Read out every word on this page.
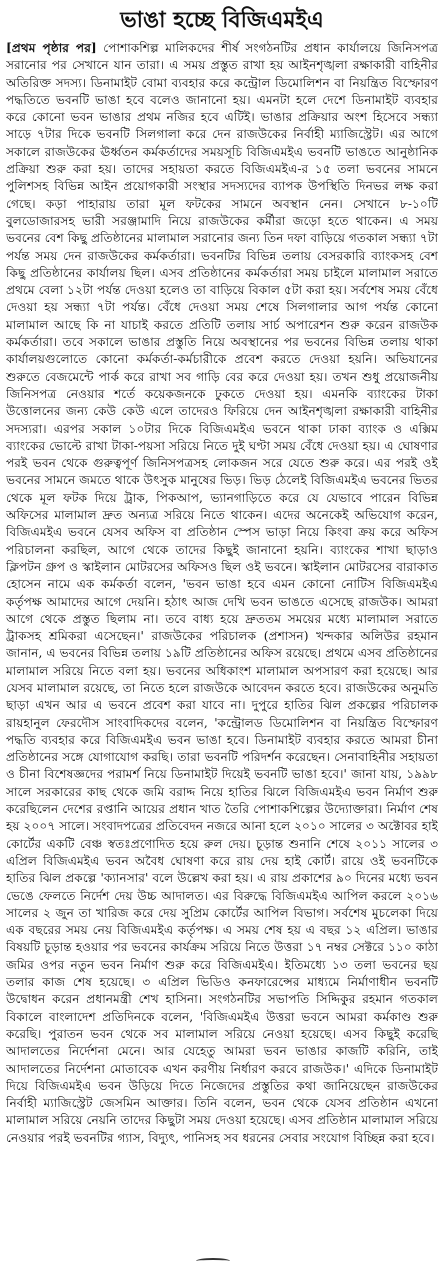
ভাঙা হচ্ছে বিজিএমইএ

[প্রথম পৃষ্ঠার পর] পোশাকশিল্প মালিকদের শীর্ষ সংগঠনটির প্রধান কার্যালয়ে জিনিসপত্র সরানোর পর সেখানে যান তারা। এ সময় প্রস্তুত রাখা হয় আইনশৃঙ্খলা রক্ষাকারী বাহিনীর অতিরিক্ত সদস্য। ডিনামাইট বোমা ব্যবহার করে কন্ট্রোল ডিমোলিশন বা নিয়ন্ত্রিত বিস্ফোরণ পদ্ধতিতে ভবনটি ভাঙা হবে বলেও জানানো হয়। এমনটা হলে দেশে ডিনামাইট ব্যবহার করে কোনো ভবন ভাঙার প্রথম নজির হবে এটিই। ভাঙার প্রক্রিয়ার অংশ হিসেবে সন্ধ্যা সাড়ে ৭টার দিকে ভবনটি সিলগালা করে দেন রাজউকের নির্বাহী ম্যাজিস্ট্রেট। এর আগে সকালে রাজউকের ঊর্ধ্বতন কর্মকর্তাদের সময়সূচি বিজিএমইএ ভবনটি ভাঙতে আনুষ্ঠানিক প্রক্রিয়া শুরু করা হয়। তাদের সহায়তা করতে বিজিএমইএ-র ১৫ তলা ভবনের সামনে পুলিশসহ বিভিন্ন আইন প্রয়োগকারী সংস্থার সদস্যদের ব্যাপক উপস্থিতি দিনভর লক্ষ করা গেছে। কড়া পাহারায় তারা মূল ফটকের সামনে অবস্থান নেন। সেখানে ৮-১০টি বুলডোজারসহ ভারী সরঞ্জামাদি নিয়ে রাজউকের কর্মীরা জড়ো হতে থাকেন। এ সময় ভবনের বেশ কিছু প্রতিষ্ঠানের মালামাল সরানোর জন্য তিন দফা বাড়িয়ে গতকাল সন্ধ্যা ৭টা পর্যন্ত সময় দেন রাজউকের কর্মকর্তারা। ভবনটির বিভিন্ন তলায় বেসরকারি ব্যাংকসহ বেশ কিছু প্রতিষ্ঠানের কার্যালয় ছিল। এসব প্রতিষ্ঠানের কর্মকর্তারা সময় চাইলে মালামাল সরাতে প্রথমে বেলা ১২টা পর্যন্ত দেওয়া হলেও তা বাড়িয়ে বিকাল ৫টা করা হয়। সর্বশেষ সময় বেঁধে দেওয়া হয় সন্ধ্যা ৭টা পর্যন্ত। বেঁধে দেওয়া সময় শেষে সিলগালার আগ পর্যন্ত কোনো মালামাল আছে কি না যাচাই করতে প্রতিটি তলায় সার্চ অপারেশন শুরু করেন রাজউক কর্মকর্তারা। তবে সকালে ভাঙার প্রস্তুতি নিয়ে অবস্থানের পর ভবনের বিভিন্ন তলায় থাকা কার্যালয়গুলোতে কোনো কর্মকর্তা-কর্মচারীকে প্রবেশ করতে দেওয়া হয়নি। অভিযানের শুরুতে বেজমেন্টে পার্ক করে রাখা সব গাড়ি বের করে দেওয়া হয়। তখন শুধু প্রয়োজনীয় জিনিসপত্র নেওয়ার শর্তে কয়েকজনকে ঢুকতে দেওয়া হয়। এমনকি ব্যাংকের টাকা উত্তোলনের জন্য কেউ কেউ এলে তাদেরও ফিরিয়ে দেন আইনশৃঙ্খলা রক্ষাকারী বাহিনীর সদস্যরা। এরপর সকাল ১০টার দিকে বিজিএমইএ ভবনে থাকা ঢাকা ব্যাংক ও এক্সিম ব্যাংকের ভোল্টে রাখা টাকা-পয়সা সরিয়ে নিতে দুই ঘণ্টা সময় বেঁধে দেওয়া হয়। এ ঘোষণার পরই ভবন থেকে গুরুত্বপূর্ণ জিনিসপত্রসহ লোকজন সরে যেতে শুরু করে। এর পরই ওই ভবনের সামনে জমতে থাকে উৎসুক মানুষের ভিড়। ভিড় ঠেলেই বিজিএমইএ ভবনের ভিতর থেকে মূল ফটক দিয়ে ট্রাক, পিকআপ, ভ্যানগাড়িতে করে যে যেভাবে পারেন বিভিন্ন অফিসের মালামাল দ্রুত অন্যত্র সরিয়ে নিতে থাকেন। এদের অনেকেই অভিযোগ করেন, বিজিএমইএ ভবনে যেসব অফিস বা প্রতিষ্ঠান স্পেস ভাড়া নিয়ে কিংবা ক্রয় করে অফিস পরিচালনা করছিল, আগে থেকে তাদের কিছুই জানানো হয়নি। ব্যাংকের শাখা ছাড়াও ক্লিপটন গ্রুপ ও স্কাইলান মোটরসের অফিসও ছিল ওই ভবনে। স্কাইলান মোটরসের বারাকাত হোসেন নামে এক কর্মকর্তা বলেন, 'ভবন ভাঙা হবে এমন কোনো নোটিস বিজিএমইএ কর্তৃপক্ষ আমাদের আগে দেয়নি। হঠাৎ আজ দেখি ভবন ভাঙতে এসেছে রাজউক। আমরা আগে থেকে প্রস্তুত ছিলাম না। তবে বাধ্য হয়ে দ্রুততম সময়ের মধ্যে মালামাল সরাতে ট্রাকসহ শ্রমিকরা এসেছেন।' রাজউকের পরিচালক (প্রশাসন) খন্দকার অলিউর রহমান জানান, এ ভবনের বিভিন্ন তলায় ১৯টি প্রতিষ্ঠানের অফিস রয়েছে। প্রথমে এসব প্রতিষ্ঠানের মালামাল সরিয়ে নিতে বলা হয়। ভবনের অধিকাংশ মালামাল অপসারণ করা হয়েছে। আর যেসব মালামাল রয়েছে, তা নিতে হলে রাজউকে আবেদন করতে হবে। রাজউকের অনুমতি ছাড়া এখন আর এ ভবনে প্রবেশ করা যাবে না। দুপুরে হাতির ঝিল প্রকল্পের পরিচালক রায়হানুল ফেরদৌস সাংবাদিকদের বলেন, 'কন্ট্রোলড ডিমোলিশন বা নিয়ন্ত্রিত বিস্ফোরণ পদ্ধতি ব্যবহার করে বিজিএমইএ ভবন ভাঙা হবে। ডিনামাইট ব্যবহার করতে আমরা চীনা প্রতিষ্ঠানের সঙ্গে যোগাযোগ করছি। তারা ভবনটি পরিদর্শন করেছেন। সেনাবাহিনীর সহায়তা ও চীনা বিশেষজ্ঞদের পরামর্শ নিয়ে ডিনামাইট দিয়েই ভবনটি ভাঙা হবে।' জানা যায়, ১৯৯৮ সালে সরকারের কাছ থেকে জমি বরাদ্দ নিয়ে হাতির ঝিলে বিজিএমইএ ভবন নির্মাণ শুরু করেছিলেন দেশের রপ্তানি আয়ের প্রধান খাত তৈরি পোশাকশিল্পের উদ্যোক্তারা। নির্মাণ শেষ হয় ২০০৭ সালে। সংবাদপত্রের প্রতিবেদন নজরে আনা হলে ২০১০ সালের ৩ অক্টোবর হাই কোর্টের একটি বেঞ্চ স্বতঃপ্রণোদিত হয়ে রুল দেয়। চূড়ান্ত শুনানি শেষে ২০১১ সালের ৩ এপ্রিল বিজিএমইএ ভবন অবৈধ ঘোষণা করে রায় দেয় হাই কোর্ট। রায়ে ওই ভবনটিকে হাতির ঝিল প্রকল্পে 'ক্যানসার' বলে উল্লেখ করা হয়। এ রায় প্রকাশের ৯০ দিনের মধ্যে ভবন ভেঙে ফেলতে নির্দেশ দেয় উচ্চ আদালত। এর বিরুদ্ধে বিজিএমইএ আপিল করলে ২০১৬ সালের ২ জুন তা খারিজ করে দেয় সুপ্রিম কোর্টের আপিল বিভাগ। সর্বশেষ মুচলেকা দিয়ে এক বছরের সময় নেয় বিজিএমইএ কর্তৃপক্ষ। এ সময় শেষ হয় এ বছর ১২ এপ্রিল। ভাঙার বিষয়টি চূড়ান্ত হওয়ার পর ভবনের কার্যক্রম সরিয়ে নিতে উত্তরা ১৭ নম্বর সেক্টরে ১১০ কাঠা জমির ওপর নতুন ভবন নির্মাণ শুরু করে বিজিএমইএ। ইতিমধ্যে ১৩ তলা ভবনের ছয় তলার কাজ শেষ হয়েছে। ৩ এপ্রিল ভিডিও কনফারেন্সের মাধ্যমে নির্মাণাধীন ভবনটি উদ্বোধন করেন প্রধানমন্ত্রী শেখ হাসিনা। সংগঠনটির সভাপতি সিদ্দিকুর রহমান গতকাল বিকালে বাংলাদেশ প্রতিদিনকে বলেন, 'বিজিএমইএ উত্তরা ভবনে আমরা কর্মকাণ্ড শুরু করেছি। পুরাতন ভবন থেকে সব মালামাল সরিয়ে নেওয়া হয়েছে। এসব কিছুই করেছি আদালতের নির্দেশনা মেনে। আর যেহেতু আমরা ভবন ভাঙার কাজটি করিনি, তাই আদালতের নির্দেশনা মোতাবেক এখন করণীয় নির্ধারণ করবে রাজউক।' এদিকে ডিনামাইট দিয়ে বিজিএমইএ ভবন উড়িয়ে দিতে নিজেদের প্রস্তুতির কথা জানিয়েছেন রাজউকের নির্বাহী ম্যাজিস্ট্রেট জেসমিন আক্তার। তিনি বলেন, ভবন থেকে যেসব প্রতিষ্ঠান এখনো মালামাল সরিয়ে নেয়নি তাদের কিছুটা সময় দেওয়া হয়েছে। এসব প্রতিষ্ঠান মালামাল সরিয়ে নেওয়ার পরই ভবনটির গ্যাস, বিদ্যুৎ, পানিসহ সব ধরনের সেবার সংযোগ বিচ্ছিন্ন করা হবে।
